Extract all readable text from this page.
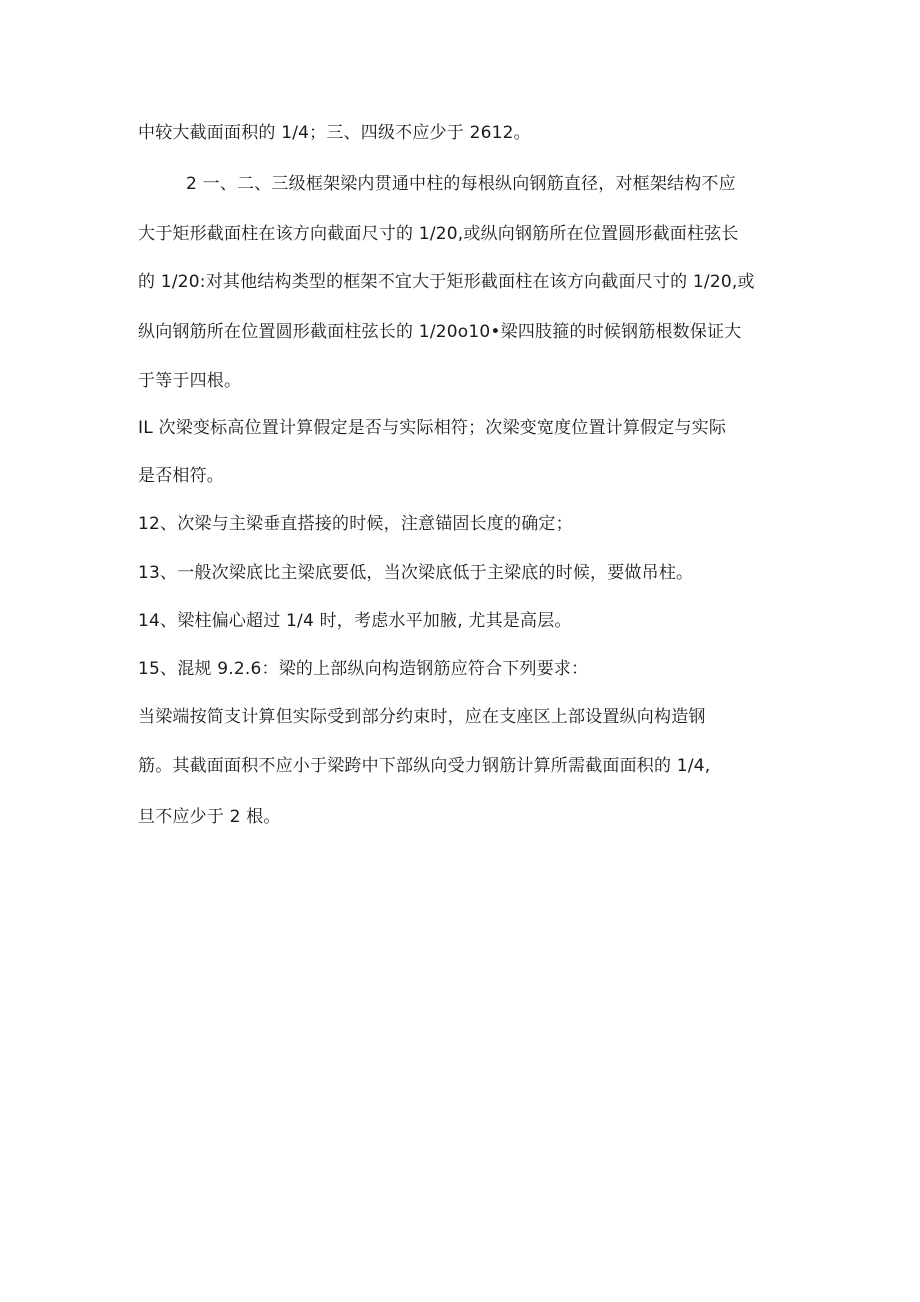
中较大截面面积的 1/4；三、四级不应少于 2612。
2 一、二、三级框架梁内贯通中柱的每根纵向钢筋直径，对框架结构不应
大于矩形截面柱在该方向截面尺寸的 1/20,或纵向钢筋所在位置圆形截面柱弦长
的 1/20:对其他结构类型的框架不宜大于矩形截面柱在该方向截面尺寸的 1/20,或
纵向钢筋所在位置圆形截面柱弦长的 1/20o10•梁四肢箍的时候钢筋根数保证大
于等于四根。
IL 次梁变标高位置计算假定是否与实际相符；次梁变宽度位置计算假定与实际
是否相符。
12、次梁与主梁垂直搭接的时候，注意锚固长度的确定；
13、一般次梁底比主梁底要低，当次梁底低于主梁底的时候，要做吊柱。
14、梁柱偏心超过 1/4 时，考虑水平加腋, 尤其是高层。
15、混规 9.2.6：梁的上部纵向构造钢筋应符合下列要求：
当梁端按简支计算但实际受到部分约束时，应在支座区上部设置纵向构造钢
筋。其截面面积不应小于梁跨中下部纵向受力钢筋计算所需截面面积的 1/4,
旦不应少于 2 根。
